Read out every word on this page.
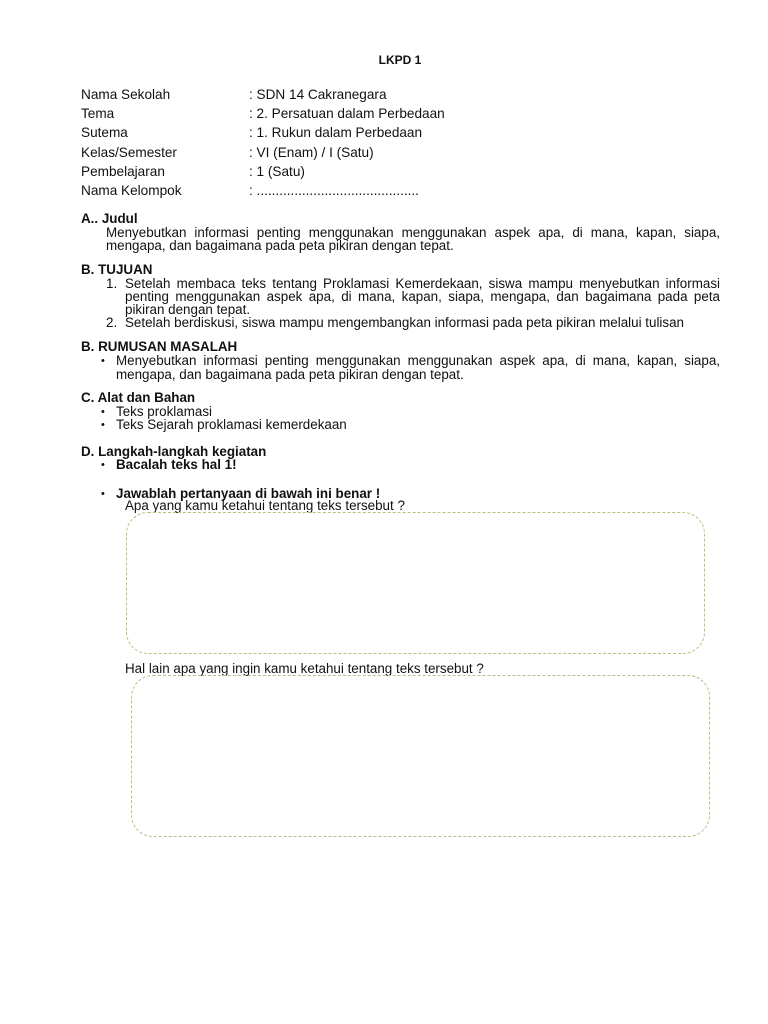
LKPD 1
Nama Sekolah	: SDN 14 Cakranegara
Tema	: 2. Persatuan dalam Perbedaan
Sutema	: 1. Rukun dalam Perbedaan
Kelas/Semester	: VI (Enam) / I (Satu)
Pembelajaran	: 1 (Satu)
Nama Kelompok	: ...........................................
A.. Judul
Menyebutkan informasi penting menggunakan menggunakan aspek apa, di mana, kapan, siapa,
mengapa, dan bagaimana pada peta pikiran dengan tepat.
B. TUJUAN
1. Setelah membaca teks tentang Proklamasi Kemerdekaan, siswa mampu menyebutkan informasi
penting menggunakan aspek apa, di mana, kapan, siapa, mengapa, dan bagaimana pada peta
pikiran dengan tepat.
2. Setelah berdiskusi, siswa mampu mengembangkan informasi pada peta pikiran melalui tulisan
B. RUMUSAN MASALAH
• Menyebutkan informasi penting menggunakan menggunakan aspek apa, di mana, kapan, siapa,
mengapa, dan bagaimana pada peta pikiran dengan tepat.
C. Alat dan Bahan
• Teks proklamasi
• Teks Sejarah proklamasi kemerdekaan
D. Langkah-langkah kegiatan
• Bacalah teks hal 1!
• Jawablah pertanyaan di bawah ini benar !
Apa yang kamu ketahui tentang teks tersebut ?
Hal lain apa yang ingin kamu ketahui tentang teks tersebut ?
